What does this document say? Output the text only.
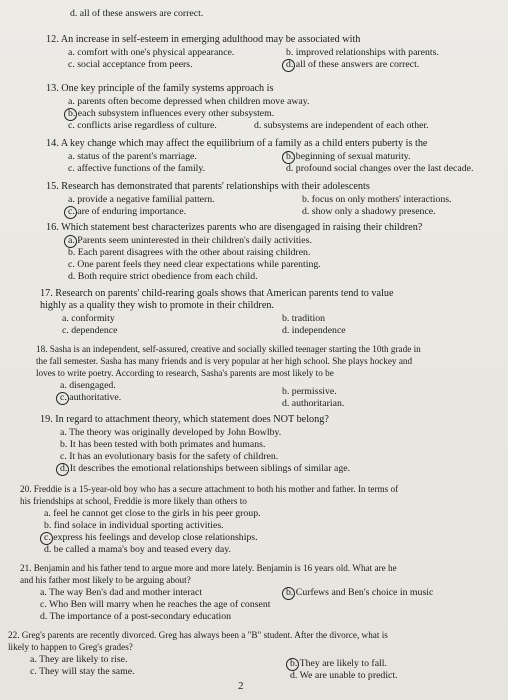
d. all of these answers are correct.
12. An increase in self-esteem in emerging adulthood may be associated with
a. comfort with one's physical appearance.	b. improved relationships with parents.
c. social acceptance from peers.	d. all of these answers are correct.
13. One key principle of the family systems approach is
a. parents often become depressed when children move away.
b. each subsystem influences every other subsystem.
c. conflicts arise regardless of culture.	d. subsystems are independent of each other.
14. A key change which may affect the equilibrium of a family as a child enters puberty is the
a. status of the parent's marriage.	b. beginning of sexual maturity.
c. affective functions of the family.	d. profound social changes over the last decade.
15. Research has demonstrated that parents' relationships with their adolescents
a. provide a negative familial pattern.	b. focus on only mothers' interactions.
c. are of enduring importance.	d. show only a shadowy presence.
16. Which statement best characterizes parents who are disengaged in raising their children?
a. Parents seem uninterested in their children's daily activities.
b. Each parent disagrees with the other about raising children.
c. One parent feels they need clear expectations while parenting.
d. Both require strict obedience from each child.
17. Research on parents' child-rearing goals shows that American parents tend to value
highly as a quality they wish to promote in their children.
a. conformity	b. tradition
c. dependence	d. independence
18. Sasha is an independent, self-assured, creative and socially skilled teenager starting the 10th grade in
the fall semester. Sasha has many friends and is very popular at her high school. She plays hockey and
loves to write poetry. According to research, Sasha's parents are most likely to be
a. disengaged.
b. permissive.
c. authoritative.
d. authoritarian.
19. In regard to attachment theory, which statement does NOT belong?
a. The theory was originally developed by John Bowlby.
b. It has been tested with both primates and humans.
c. It has an evolutionary basis for the safety of children.
d. It describes the emotional relationships between siblings of similar age.
20. Freddie is a 15-year-old boy who has a secure attachment to both his mother and father. In terms of
his friendships at school, Freddie is more likely than others to
a. feel he cannot get close to the girls in his peer group.
b. find solace in individual sporting activities.
c. express his feelings and develop close relationships.
d. be called a mama's boy and teased every day.
21. Benjamin and his father tend to argue more and more lately. Benjamin is 16 years old. What are he
and his father most likely to be arguing about?
a. The way Ben's dad and mother interact	b. Curfews and Ben's choice in music
c. Who Ben will marry when he reaches the age of consent
d. The importance of a post-secondary education
22. Greg's parents are recently divorced. Greg has always been a "B" student. After the divorce, what is
likely to happen to Greg's grades?
a. They are likely to rise.	b. They are likely to fall.
c. They will stay the same.	d. We are unable to predict.
2
